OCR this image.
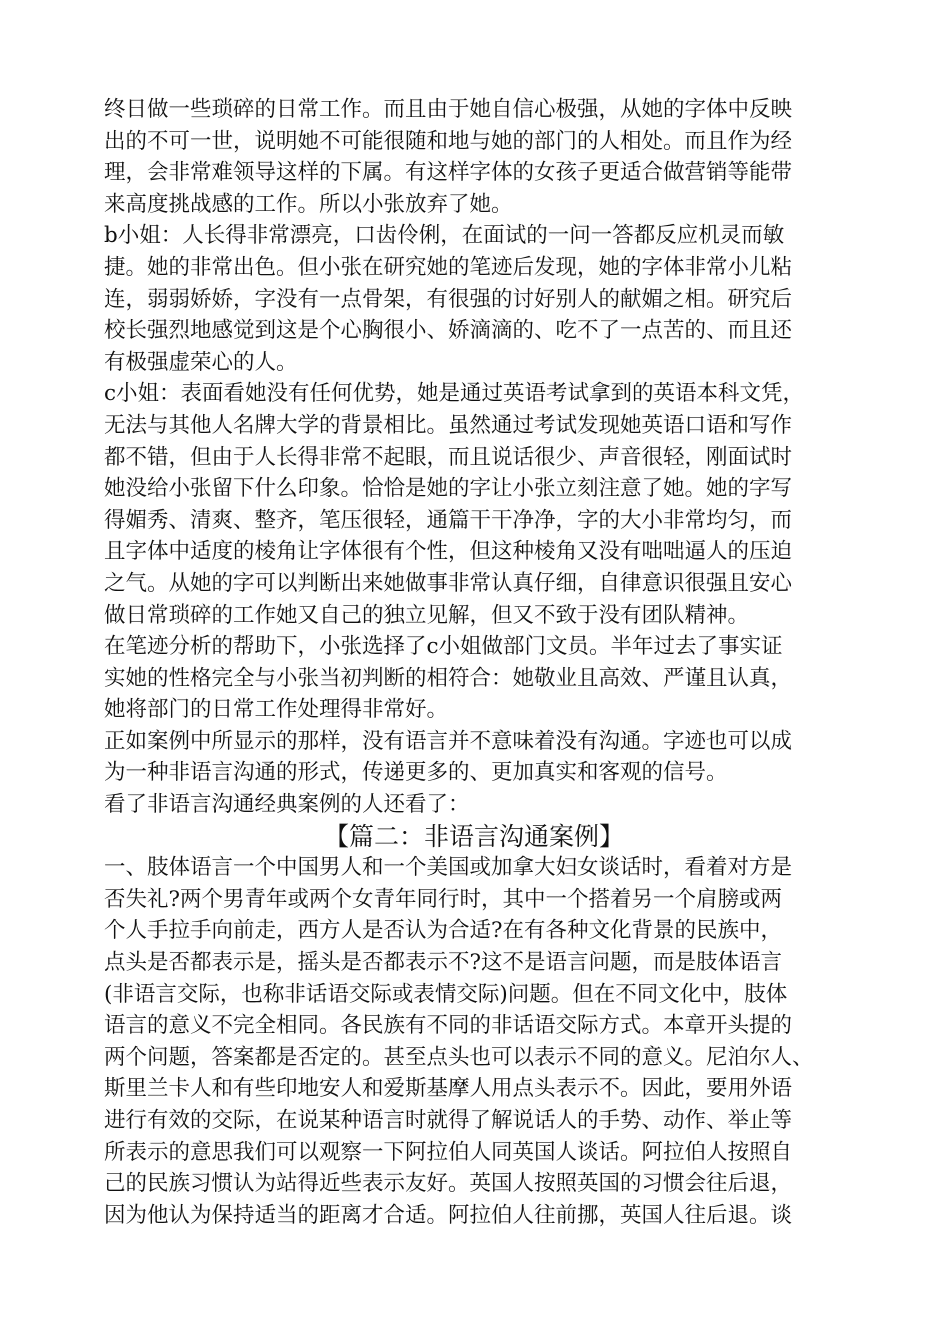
终日做一些琐碎的日常工作。而且由于她自信心极强，从她的字体中反映
出的不可一世，说明她不可能很随和地与她的部门的人相处。而且作为经
理，会非常难领导这样的下属。有这样字体的女孩子更适合做营销等能带
来高度挑战感的工作。所以小张放弃了她。
b小姐：人长得非常漂亮，口齿伶俐，在面试的一问一答都反应机灵而敏
捷。她的非常出色。但小张在研究她的笔迹后发现，她的字体非常小儿粘
连，弱弱娇娇，字没有一点骨架，有很强的讨好别人的献媚之相。研究后
校长强烈地感觉到这是个心胸很小、娇滴滴的、吃不了一点苦的、而且还
有极强虚荣心的人。
c小姐：表面看她没有任何优势，她是通过英语考试拿到的英语本科文凭，
无法与其他人名牌大学的背景相比。虽然通过考试发现她英语口语和写作
都不错，但由于人长得非常不起眼，而且说话很少、声音很轻，刚面试时
她没给小张留下什么印象。恰恰是她的字让小张立刻注意了她。她的字写
得媚秀、清爽、整齐，笔压很轻，通篇干干净净，字的大小非常均匀，而
且字体中适度的棱角让字体很有个性，但这种棱角又没有咄咄逼人的压迫
之气。从她的字可以判断出来她做事非常认真仔细，自律意识很强且安心
做日常琐碎的工作她又自己的独立见解，但又不致于没有团队精神。
在笔迹分析的帮助下，小张选择了c小姐做部门文员。半年过去了事实证
实她的性格完全与小张当初判断的相符合：她敬业且高效、严谨且认真，
她将部门的日常工作处理得非常好。
正如案例中所显示的那样，没有语言并不意味着没有沟通。字迹也可以成
为一种非语言沟通的形式，传递更多的、更加真实和客观的信号。
看了非语言沟通经典案例的人还看了：
【篇二：非语言沟通案例】
一、肢体语言一个中国男人和一个美国或加拿大妇女谈话时，看着对方是
否失礼?两个男青年或两个女青年同行时，其中一个搭着另一个肩膀或两
个人手拉手向前走，西方人是否认为合适?在有各种文化背景的民族中，
点头是否都表示是，摇头是否都表示不?这不是语言问题，而是肢体语言
(非语言交际，也称非话语交际或表情交际)问题。但在不同文化中，肢体
语言的意义不完全相同。各民族有不同的非话语交际方式。本章开头提的
两个问题，答案都是否定的。甚至点头也可以表示不同的意义。尼泊尔人、
斯里兰卡人和有些印地安人和爱斯基摩人用点头表示不。因此，要用外语
进行有效的交际，在说某种语言时就得了解说话人的手势、动作、举止等
所表示的意思我们可以观察一下阿拉伯人同英国人谈话。阿拉伯人按照自
己的民族习惯认为站得近些表示友好。英国人按照英国的习惯会往后退，
因为他认为保持适当的距离才合适。阿拉伯人往前挪，英国人往后退。谈
